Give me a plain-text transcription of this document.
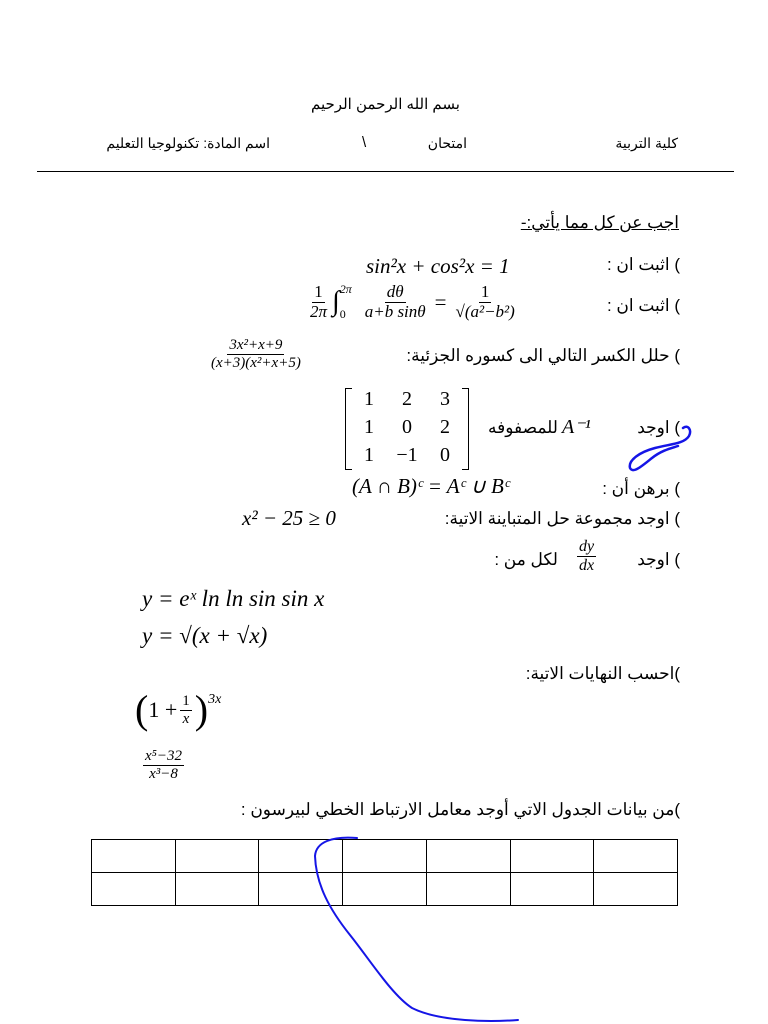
بسم الله الرحمن الرحيم
كلية التربية
امتحان
\
اسم المادة: تكنولوجيا التعليم
اجب عن كل مما يأتي:-
) اثبت ان :
sin²x + cos²x = 1
) اثبت ان :
$\frac{1}{2\pi}$ ∫ 2π
0	$\frac{d\theta}{\text{a+b sinθ}} = \frac{1}{\text{√(a²−b²)}}$
) حلل الكسر التالي الى كسوره الجزئية:
$\frac{\text{3x²+x+9}}{\text{(x+3)(x²+x+5)}}$
) اوجد
A⁻¹
للمصفوفه
1	2	3
1	0	2
1	−1	0
) برهن أن :
(A ∩ B)ᶜ = Aᶜ ∪ Bᶜ
) اوجد مجموعة حل المتباينة الاتية:
x² − 25 ≥ 0
) اوجد
$\frac{dy}{dx}$
لكل من :
y = eˣ ln ln sin sin x
y = √(x + √x)
)احسب النهايات الاتية:
( $1 + \frac{1}{x}$ ) 3x
$\frac{\text{x⁵−32}}{\text{x³−8}}$
)من بيانات الجدول الاتي أوجد معامل الارتباط الخطي لبيرسون :
